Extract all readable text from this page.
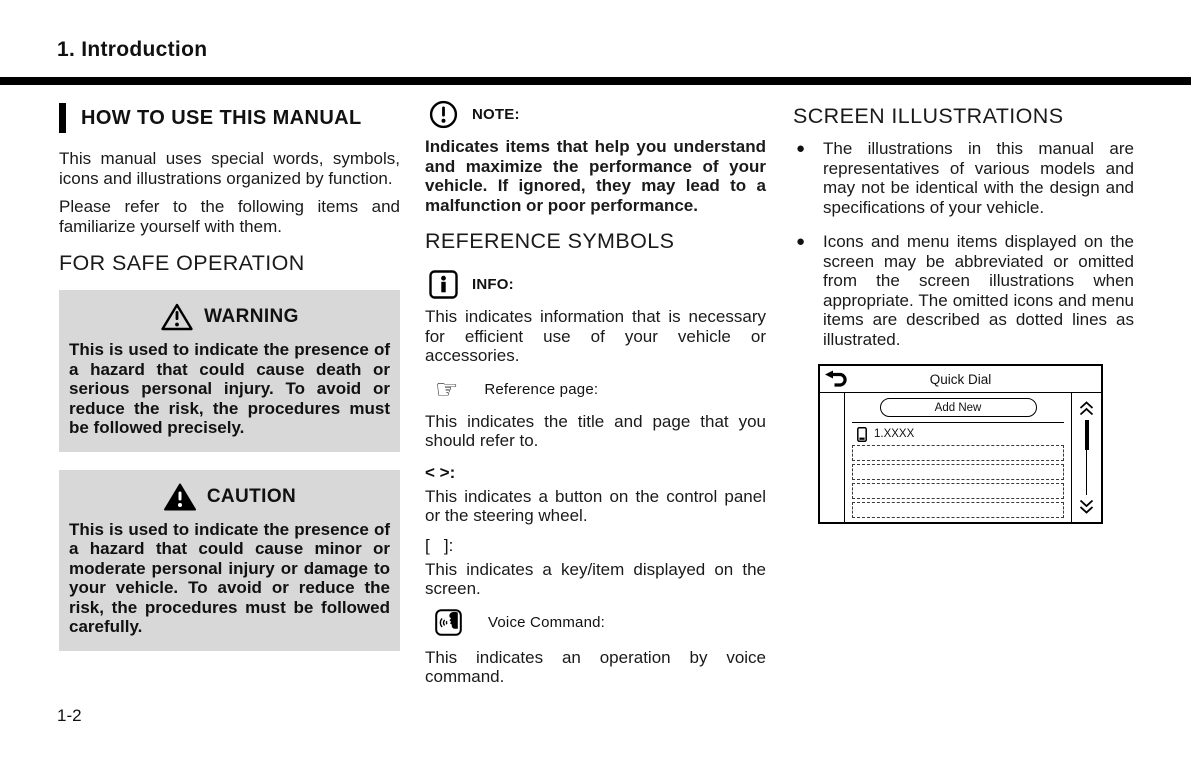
1. Introduction
HOW TO USE THIS MANUAL

This manual uses special words, symbols, icons and illustrations organized by function.

Please refer to the following items and familiarize yourself with them.

FOR SAFE OPERATION
WARNING

This is used to indicate the presence of a hazard that could cause death or serious personal injury. To avoid or reduce the risk, the procedures must be followed precisely.

CAUTION

This is used to indicate the presence of a hazard that could cause minor or moderate personal injury or damage to your vehicle. To avoid or reduce the risk, the procedures must be followed carefully.

NOTE:

Indicates items that help you understand and maximize the performance of your vehicle. If ignored, they may lead to a malfunction or poor performance.

REFERENCE SYMBOLS
INFO:

This indicates information that is necessary for efficient use of your vehicle or accessories.

☞ Reference page:

This indicates the title and page that you should refer to.

< >:

This indicates a button on the control panel or the steering wheel.

[   ]:

This indicates a key/item displayed on the screen.

Voice Command:

This indicates an operation by voice command.

SCREEN ILLUSTRATIONS
●	The illustrations in this manual are representatives of various models and may not be identical with the design and specifications of your vehicle.
●	Icons and menu items displayed on the screen may be abbreviated or omitted from the screen illustrations when appropriate. The omitted icons and menu items are described as dotted lines as illustrated.
Quick Dial
Add New
1.XXXX
1-2
